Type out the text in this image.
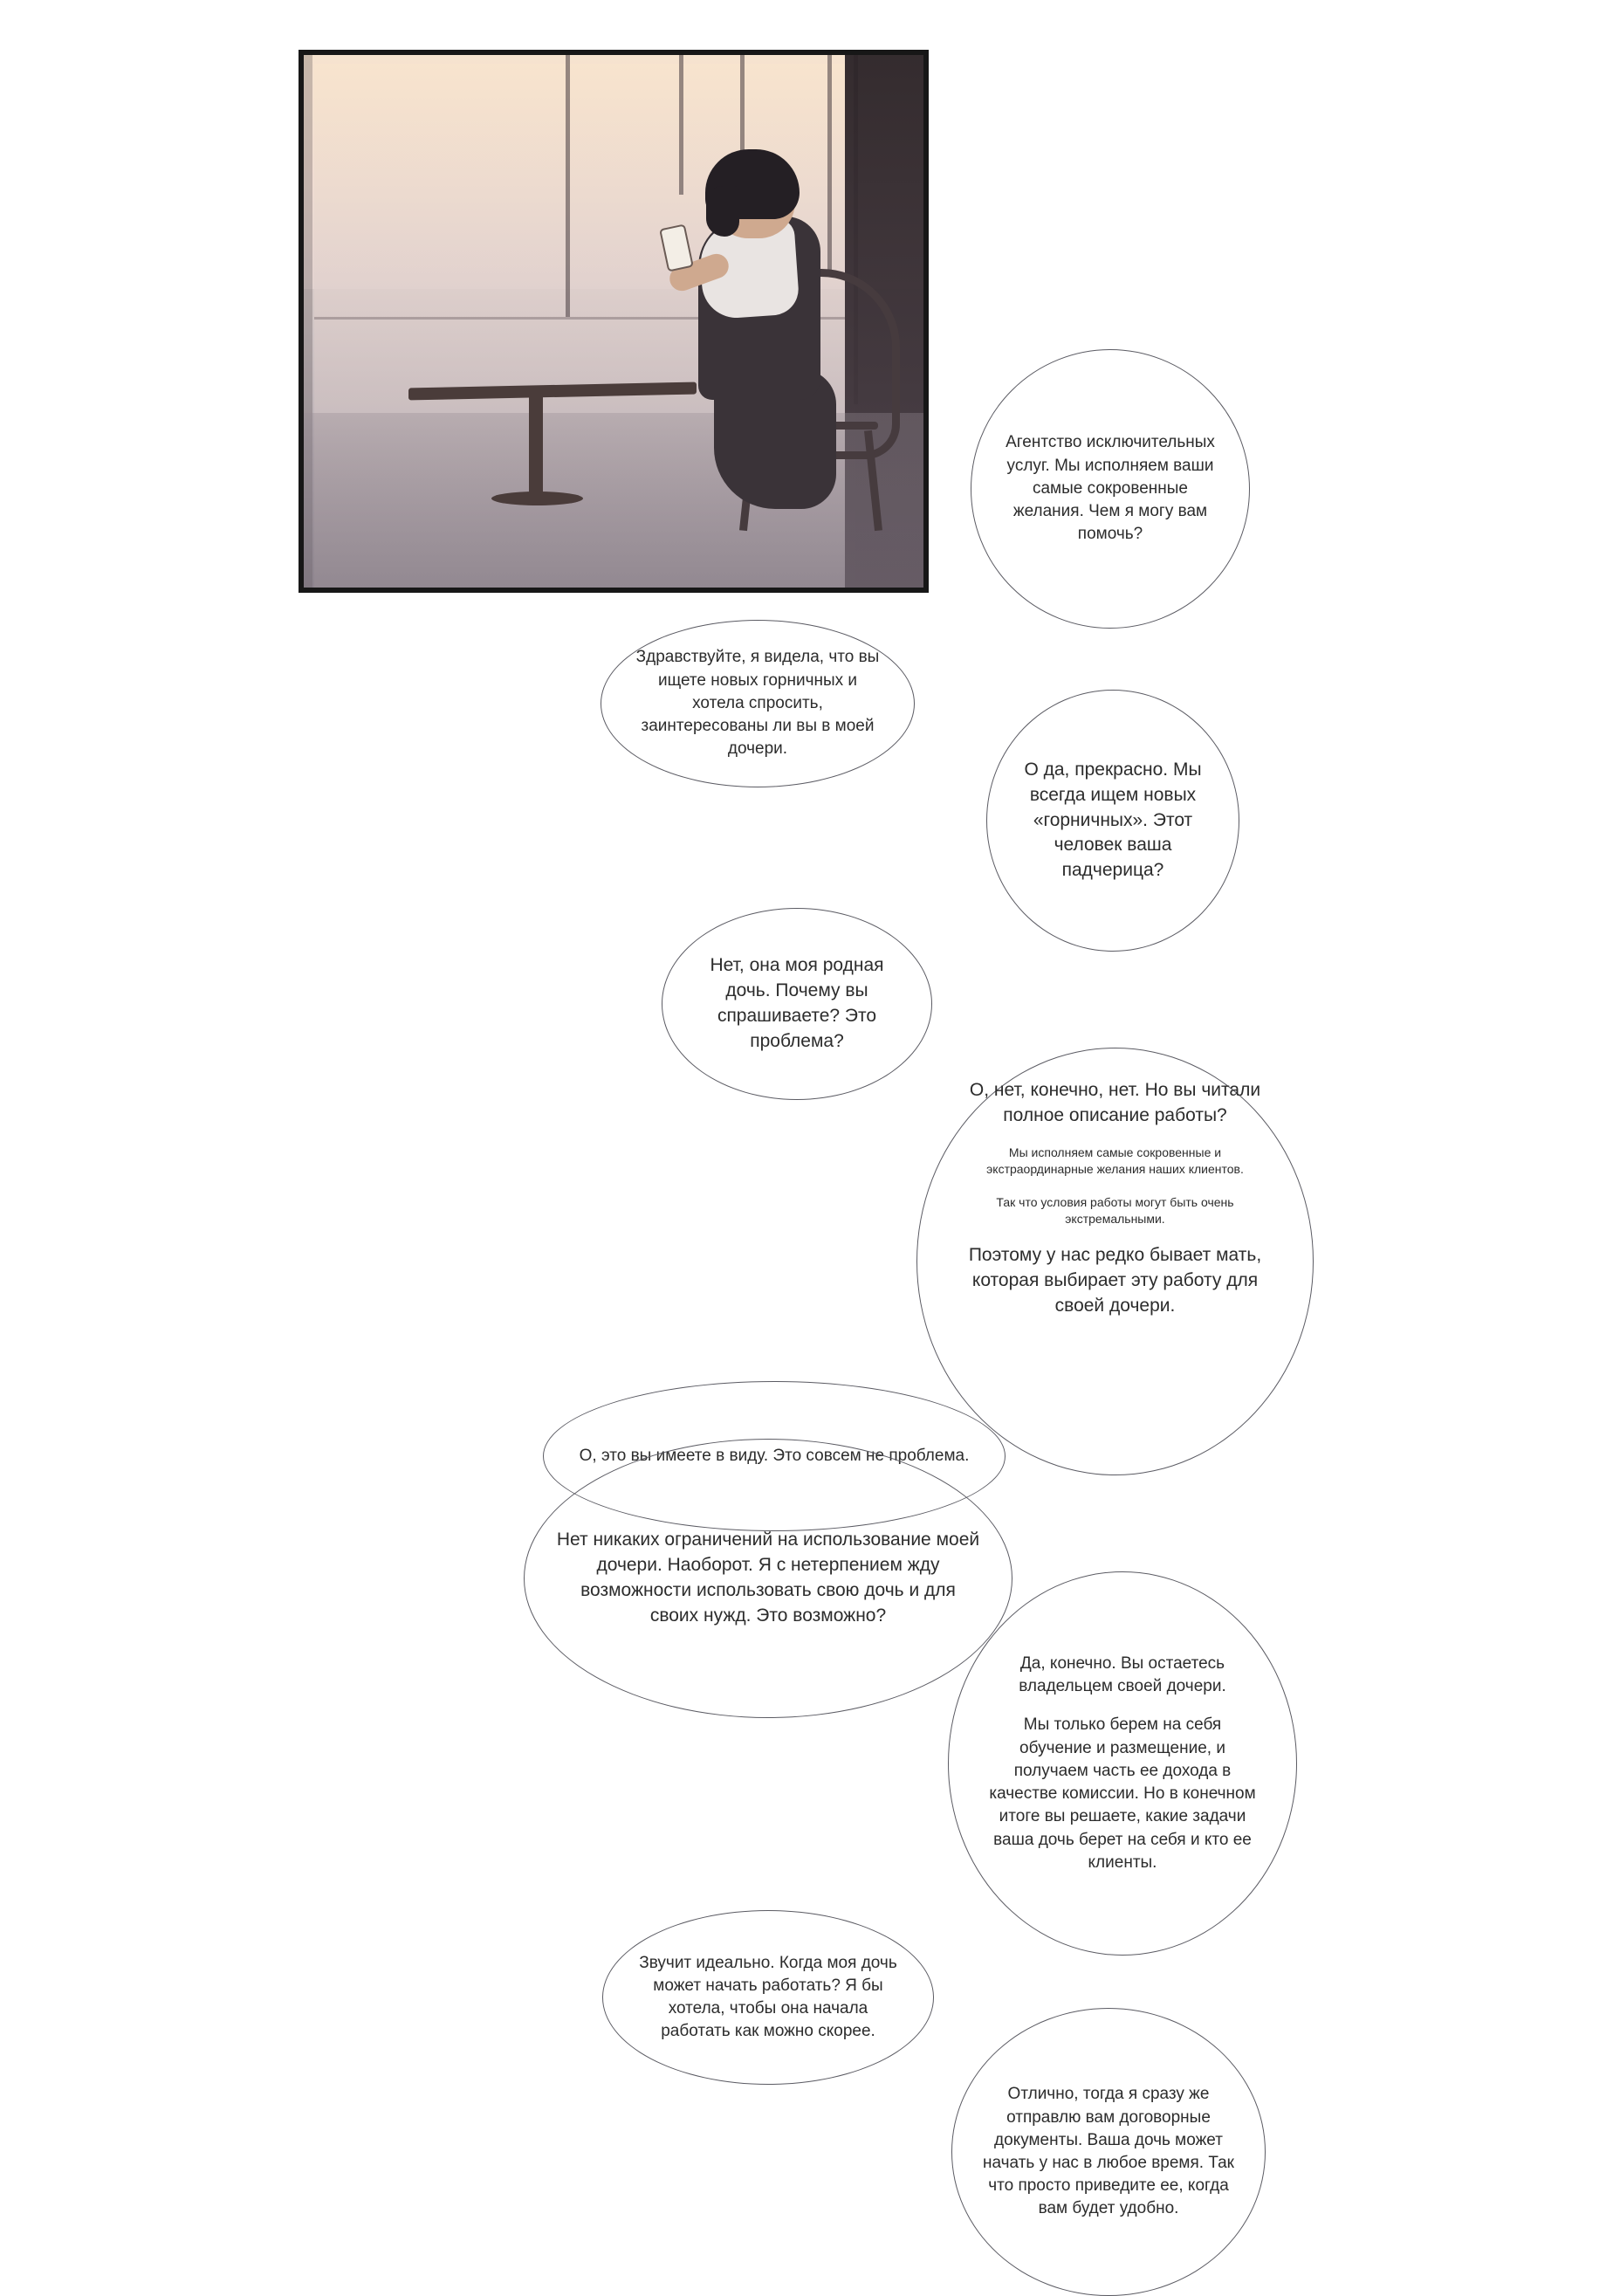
Агентство исключительных услуг. Мы исполняем ваши самые сокровенные желания. Чем я могу вам помочь?

Здравствуйте, я видела, что вы ищете новых горничных и хотела спросить, заинтересованы ли вы в моей дочери.

О да, прекрасно. Мы всегда ищем новых «горничных». Этот человек ваша падчерица?

Нет, она моя родная дочь. Почему вы спрашиваете? Это проблема?

О, нет, конечно, нет. Но вы читали полное описание работы?

Мы исполняем самые сокровенные и экстраординарные желания наших клиентов.

Так что условия работы могут быть очень экстремальными.

Поэтому у нас редко бывает мать, которая выбирает эту работу для своей дочери.

О, это вы имеете в виду. Это совсем не проблема.

Нет никаких ограничений на использование моей дочери. Наоборот. Я с нетерпением жду возможности использовать свою дочь и для своих нужд. Это возможно?

Да, конечно. Вы остаетесь владельцем своей дочери.

Мы только берем на себя обучение и размещение, и получаем часть ее дохода в качестве комиссии. Но в конечном итоге вы решаете, какие задачи ваша дочь берет на себя и кто ее клиенты.

Звучит идеально. Когда моя дочь может начать работать? Я бы хотела, чтобы она начала работать как можно скорее.

Отлично, тогда я сразу же отправлю вам договорные документы. Ваша дочь может начать у нас в любое время. Так что просто приведите ее, когда вам будет удобно.
